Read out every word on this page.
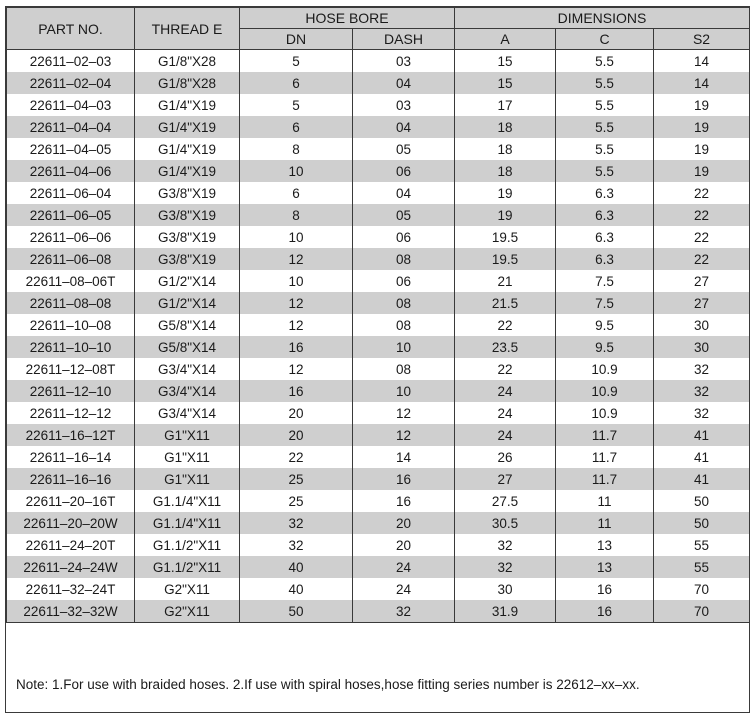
PART NO.	THREAD E	HOSE BORE		DIMENSIONS		
		DN	DASH	A	C	S2
22611–02–03	G1/8"X28	5	03	15	5.5	14
22611–02–04	G1/8"X28	6	04	15	5.5	14
22611–04–03	G1/4"X19	5	03	17	5.5	19
22611–04–04	G1/4"X19	6	04	18	5.5	19
22611–04–05	G1/4"X19	8	05	18	5.5	19
22611–04–06	G1/4"X19	10	06	18	5.5	19
22611–06–04	G3/8"X19	6	04	19	6.3	22
22611–06–05	G3/8"X19	8	05	19	6.3	22
22611–06–06	G3/8"X19	10	06	19.5	6.3	22
22611–06–08	G3/8"X19	12	08	19.5	6.3	22
22611–08–06T	G1/2"X14	10	06	21	7.5	27
22611–08–08	G1/2"X14	12	08	21.5	7.5	27
22611–10–08	G5/8"X14	12	08	22	9.5	30
22611–10–10	G5/8"X14	16	10	23.5	9.5	30
22611–12–08T	G3/4"X14	12	08	22	10.9	32
22611–12–10	G3/4"X14	16	10	24	10.9	32
22611–12–12	G3/4"X14	20	12	24	10.9	32
22611–16–12T	G1"X11	20	12	24	11.7	41
22611–16–14	G1"X11	22	14	26	11.7	41
22611–16–16	G1"X11	25	16	27	11.7	41
22611–20–16T	G1.1/4"X11	25	16	27.5	11	50
22611–20–20W	G1.1/4"X11	32	20	30.5	11	50
22611–24–20T	G1.1/2"X11	32	20	32	13	55
22611–24–24W	G1.1/2"X11	40	24	32	13	55
22611–32–24T	G2"X11	40	24	30	16	70
22611–32–32W	G2"X11	50	32	31.9	16	70
Note: 1.For use with braided hoses. 2.If use with spiral hoses,hose fitting series number is 22612–xx–xx.
